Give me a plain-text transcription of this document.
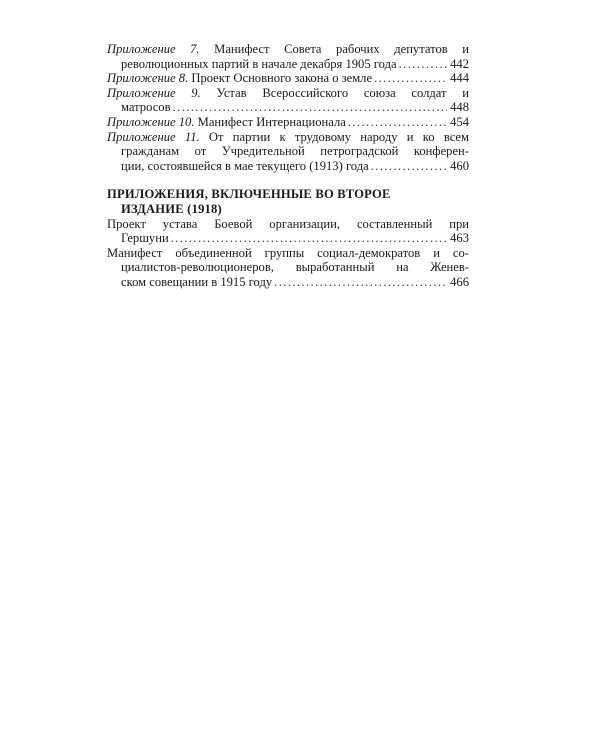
Приложение 7. Манифест Совета рабочих депутатов и
революционных партий в начале декабря 1905 года .....	442
Приложение 8.
Проект Основного закона о земле .....	444
Приложение 9. Устав Всероссийского союза солдат и
матросов .....	448
Приложение 10.
Манифест Интернационала .....	454
Приложение 11. От партии к трудовому народу и ко всем
гражданам от Учредительной петроградской конферен-
ции, состоявшейся в мае текущего (1913) года .....	460
ПРИЛОЖЕНИЯ, ВКЛЮЧЕННЫЕ ВО ВТОРОЕ
ИЗДАНИЕ (1918)
Проект устава Боевой организации, составленный при
Гершуни .....	463
Манифест объединенной группы социал-демократов и со-
циалистов-революционеров, выработанный на Женев-
ском совещании в 1915 году .....	466
